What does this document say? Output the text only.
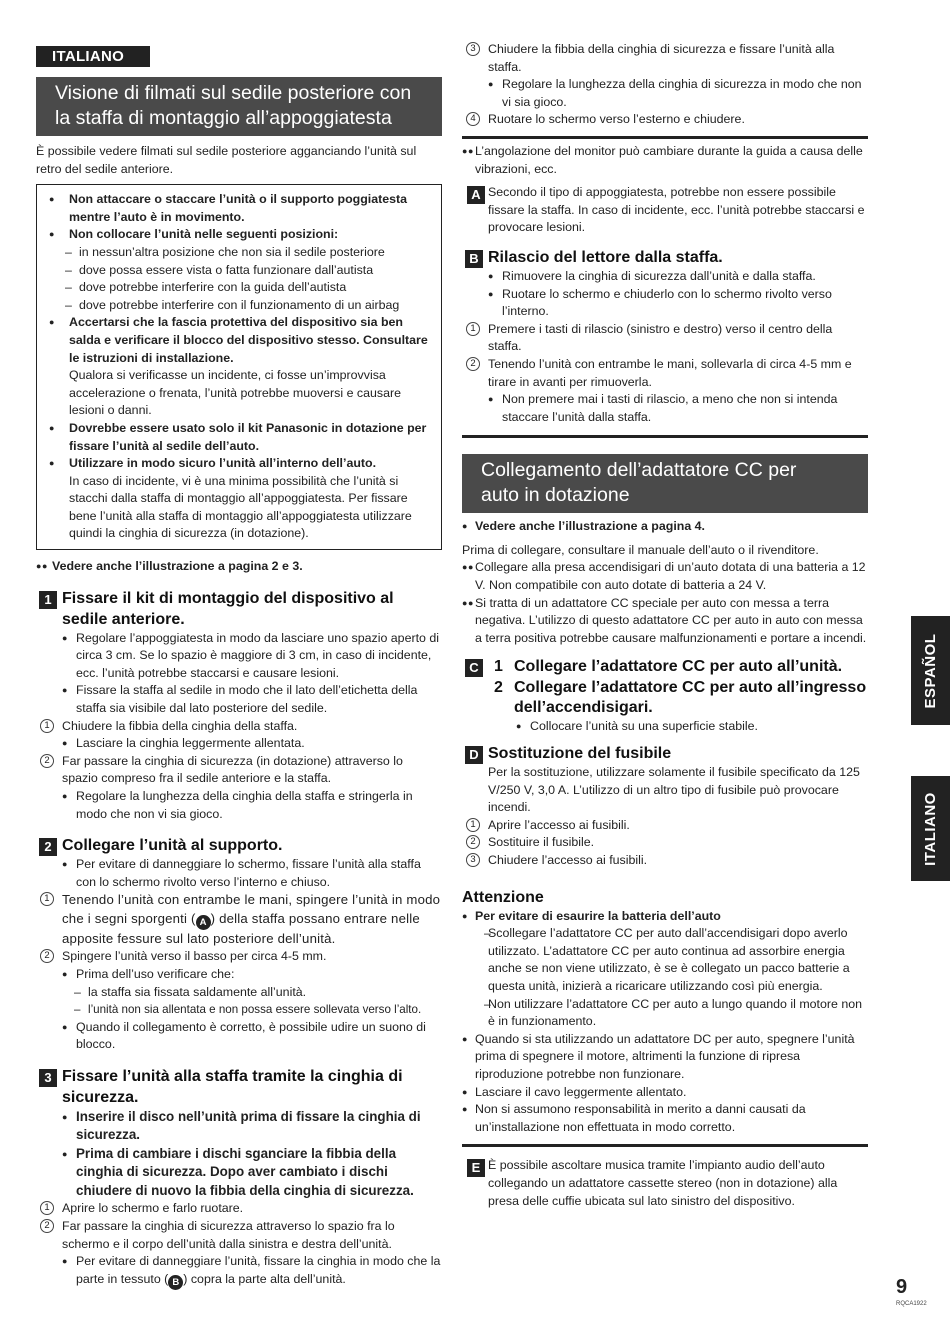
ITALIANO
Visione di filmati sul sedile posteriore con
la staffa di montaggio all’appoggiatesta

È possibile vedere filmati sul sedile posteriore agganciando l’unità sul retro del sedile anteriore.

● Non attaccare o staccare l’unità o il supporto poggiatesta mentre l’auto è in movimento.
● Non collocare l’unità nelle seguenti posizioni:
– in nessun’altra posizione che non sia il sedile posteriore
– dove possa essere vista o fatta funzionare dall’autista
– dove potrebbe interferire con la guida dell’autista
– dove potrebbe interferire con il funzionamento di un airbag
● Accertarsi che la fascia protettiva del dispositivo sia ben salda e verificare il blocco del dispositivo stesso. Consultare le istruzioni di installazione.
Qualora si verificasse un incidente, ci fosse un’improvvisa accelerazione o frenata, l’unità potrebbe muoversi e causare lesioni o danni.
● Dovrebbe essere usato solo il kit Panasonic in dotazione per fissare l’unità al sedile dell’auto.
● Utilizzare in modo sicuro l’unità all’interno dell’auto.
In caso di incidente, vi è una minima possibilità che l’unità si stacchi dalla staffa di montaggio all’appoggiatesta. Per fissare bene l’unità alla staffa di montaggio all’appoggiatesta utilizzare quindi la cinghia di sicurezza (in dotazione).
● ● Vedere anche l’illustrazione a pagina 2 e 3.
1 Fissare il kit di montaggio del dispositivo al sedile anteriore.
● Regolare l’appoggiatesta in modo da lasciare uno spazio aperto di circa 3 cm. Se lo spazio è maggiore di 3 cm, in caso di incidente, ecc. l’unità potrebbe staccarsi e causare lesioni.
● Fissare la staffa al sedile in modo che il lato dell’etichetta della staffa sia visibile dal lato posteriore del sedile.
1 Chiudere la fibbia della cinghia della staffa.
● Lasciare la cinghia leggermente allentata.
2 Far passare la cinghia di sicurezza (in dotazione) attraverso lo spazio compreso fra il sedile anteriore e la staffa.
● Regolare la lunghezza della cinghia della staffa e stringerla in modo che non vi sia gioco.
2 Collegare l’unità al supporto.
● Per evitare di danneggiare lo schermo, fissare l’unità alla staffa con lo schermo rivolto verso l’interno e chiuso.
1 Tenendo l’unità con entrambe le mani, spingere l’unità in modo che i segni sporgenti ( A ) della staffa possano entrare nelle apposite fessure sul lato posteriore dell’unità.
2 Spingere l’unità verso il basso per circa 4-5 mm.
● Prima dell’uso verificare che:
– la staffa sia fissata saldamente all’unità.
– l’unità non sia allentata e non possa essere sollevata verso l’alto.
● Quando il collegamento è corretto, è possibile udire un suono di blocco.
3 Fissare l’unità alla staffa tramite la cinghia di sicurezza.
● Inserire il disco nell’unità prima di fissare la cinghia di sicurezza.
● Prima di cambiare i dischi sganciare la fibbia della cinghia di sicurezza. Dopo aver cambiato i dischi chiudere di nuovo la fibbia della cinghia di sicurezza.
1 Aprire lo schermo e farlo ruotare.
2 Far passare la cinghia di sicurezza attraverso lo spazio fra lo schermo e il corpo dell’unità dalla sinistra e destra dell’unità.
● Per evitare di danneggiare l’unità, fissare la cinghia in modo che la parte in tessuto ( B ) copra la parte alta dell’unità.
3 Chiudere la fibbia della cinghia di sicurezza e fissare l’unità alla staffa.
● Regolare la lunghezza della cinghia di sicurezza in modo che non vi sia gioco.
4 Ruotare lo schermo verso l’esterno e chiudere.
● ● L’angolazione del monitor può cambiare durante la guida a causa delle vibrazioni, ecc.
A Secondo il tipo di appoggiatesta, potrebbe non essere possibile fissare la staffa. In caso di incidente, ecc. l’unità potrebbe staccarsi e provocare lesioni.
B Rilascio del lettore dalla staffa.
● Rimuovere la cinghia di sicurezza dall’unità e dalla staffa.
● Ruotare lo schermo e chiuderlo con lo schermo rivolto verso l’interno.
1 Premere i tasti di rilascio (sinistro e destro) verso il centro della staffa.
2 Tenendo l’unità con entrambe le mani, sollevarla di circa 4-5 mm e tirare in avanti per rimuoverla.
● Non premere mai i tasti di rilascio, a meno che non si intenda staccare l’unità dalla staffa.
Collegamento dell’adattatore CC per
auto in dotazione
● Vedere anche l’illustrazione a pagina 4.

Prima di collegare, consultare il manuale dell’auto o il rivenditore.

● ● Collegare alla presa accendisigari di un’auto dotata di una batteria a 12 V. Non compatibile con auto dotate di batteria a 24 V.
● ● Si tratta di un adattatore CC speciale per auto con messa a terra negativa. L’utilizzo di questo adattatore CC per auto in auto con messa a terra positiva potrebbe causare malfunzionamenti e portare a incendi.
C 1 Collegare l’adattatore CC per auto all’unità.
2 Collegare l’adattatore CC per auto all’ingresso dell’accendisigari.
● Collocare l’unità su una superficie stabile.
D Sostituzione del fusibile
Per la sostituzione, utilizzare solamente il fusibile specificato da 125 V/250 V, 3,0 A. L’utilizzo di un altro tipo di fusibile può provocare incendi.
1 Aprire l’accesso ai fusibili.
2 Sostituire il fusibile.
3 Chiudere l’accesso ai fusibili.
Attenzione
● Per evitare di esaurire la batteria dell’auto
– Scollegare l’adattatore CC per auto dall’accendisigari dopo averlo utilizzato. L’adattatore CC per auto continua ad assorbire energia anche se non viene utilizzato, è se è collegato un pacco batterie a questa unità, inizierà a ricaricare utilizzando così più energia.
– Non utilizzare l’adattatore CC per auto a lungo quando il motore non è in funzionamento.
● Quando si sta utilizzando un adattatore DC per auto, spegnere l’unità prima di spegnere il motore, altrimenti la funzione di ripresa riproduzione potrebbe non funzionare.
● Lasciare il cavo leggermente allentato.
● Non si assumono responsabilità in merito a danni causati da un’installazione non effettuata in modo corretto.
E È possibile ascoltare musica tramite l’impianto audio dell’auto collegando un adattatore cassette stereo (non in dotazione) alla presa delle cuffie ubicata sul lato sinistro del dispositivo.
ESPAÑOL
ITALIANO
9
RQCA1922
